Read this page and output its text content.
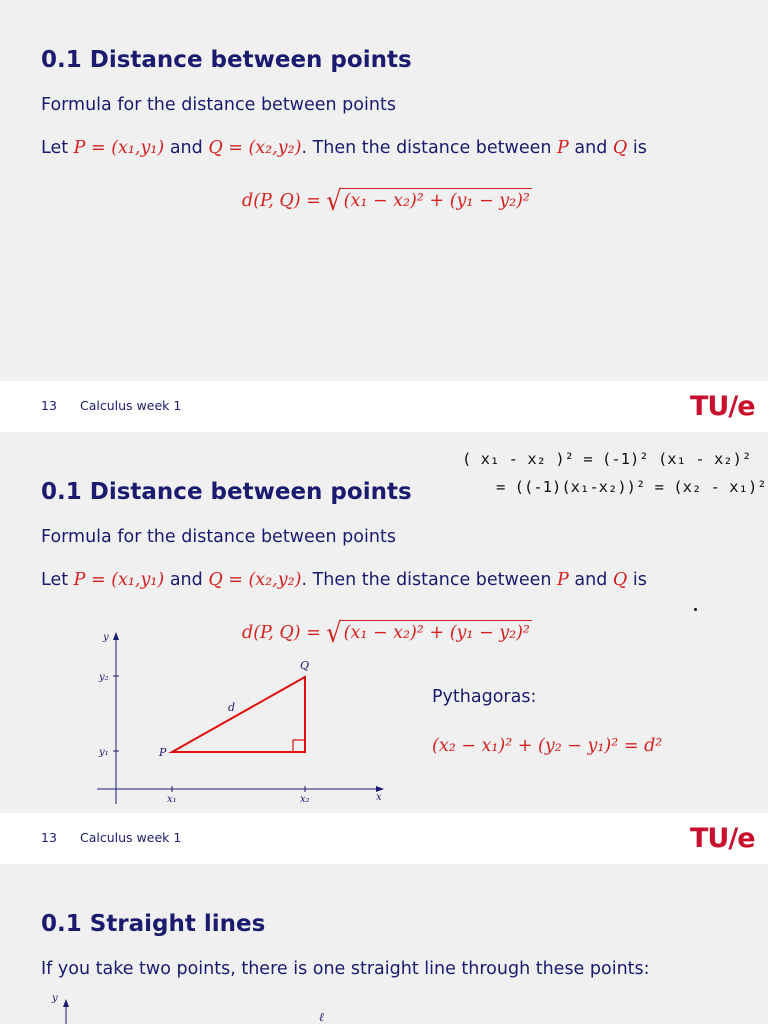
0.1 Distance between points
Formula for the distance between points
Let P = (x₁,y₁) and Q = (x₂,y₂). Then the distance between P and Q is
d(P, Q) = √ (x₁ − x₂)² + (y₁ − y₂)²
13 Calculus week 1	TU/e
( x₁ - x₂ )² = (-1)² (x₁ - x₂)²
= ((-1)(x₁-x₂))² = (x₂ - x₁)²
0.1 Distance between points
Formula for the distance between points
Let P = (x₁,y₁) and Q = (x₂,y₂). Then the distance between P and Q is
d(P, Q) = √ (x₁ − x₂)² + (y₁ − y₂)²
y
y₂
y₁
x₁	x₂	x
P
Q
d
Pythagoras:
(x₂ − x₁)² + (y₂ − y₁)² = d²
13 Calculus week 1	TU/e
0.1 Straight lines
If you take two points, there is one straight line through these points:
y
ℓ
